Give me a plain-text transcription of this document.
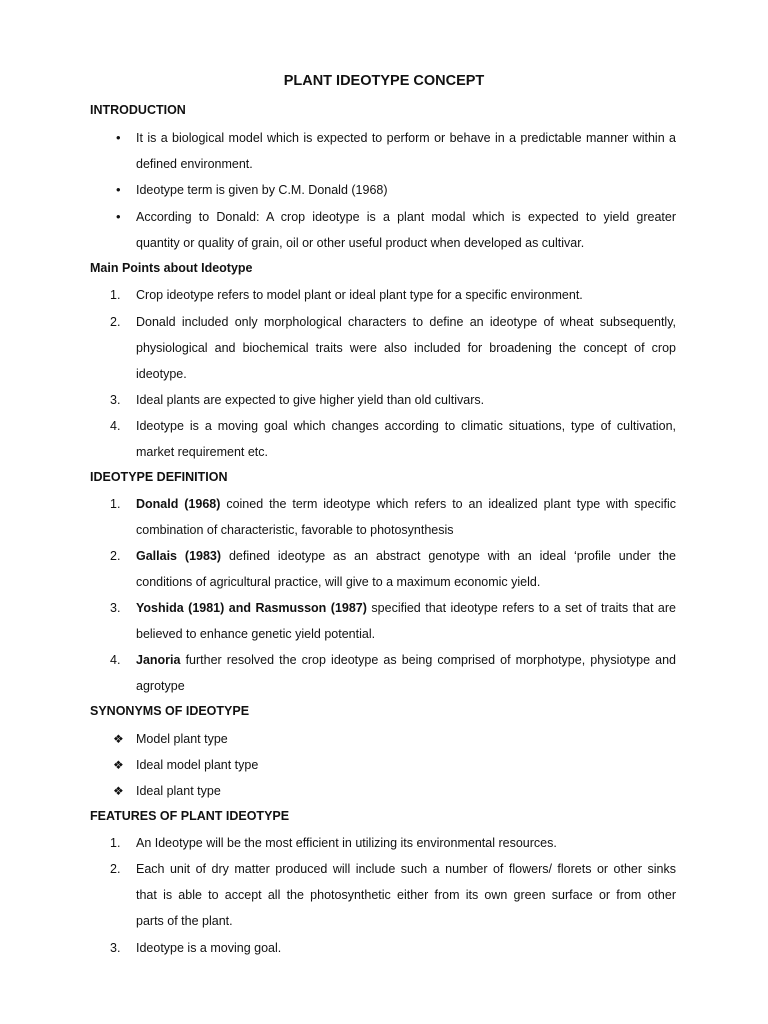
PLANT IDEOTYPE CONCEPT
INTRODUCTION
•	It is a biological model which is expected to perform or behave in a predictable manner within a
defined environment.
•	Ideotype term is given by C.M. Donald (1968)
•	According to Donald: A crop ideotype is a plant modal which is expected to yield greater
quantity or quality of grain, oil or other useful product when developed as cultivar.
Main Points about Ideotype
1.	Crop ideotype refers to model plant or ideal plant type for a specific environment.
2.	Donald included only morphological characters to define an ideotype of wheat subsequently,
physiological and biochemical traits were also included for broadening the concept of crop
ideotype.
3.	Ideal plants are expected to give higher yield than old cultivars.
4.	Ideotype is a moving goal which changes according to climatic situations, type of cultivation,
market requirement etc.
IDEOTYPE DEFINITION
1.	Donald (1968) coined the term ideotype which refers to an idealized plant type with specific
combination of characteristic, favorable to photosynthesis
2.	Gallais (1983) defined ideotype as an abstract genotype with an ideal ‘profile under the
conditions of agricultural practice, will give to a maximum economic yield.
3.	Yoshida (1981) and Rasmusson (1987) specified that ideotype refers to a set of traits that are
believed to enhance genetic yield potential.
4.	Janoria further resolved the crop ideotype as being comprised of morphotype, physiotype and
agrotype
SYNONYMS OF IDEOTYPE
❖ Model plant type
❖ Ideal model plant type
❖ Ideal plant type
FEATURES OF PLANT IDEOTYPE
1.	An Ideotype will be the most efficient in utilizing its environmental resources.
2.	Each unit of dry matter produced will include such a number of flowers/ florets or other sinks
that is able to accept all the photosynthetic either from its own green surface or from other
parts of the plant.
3.	Ideotype is a moving goal.
